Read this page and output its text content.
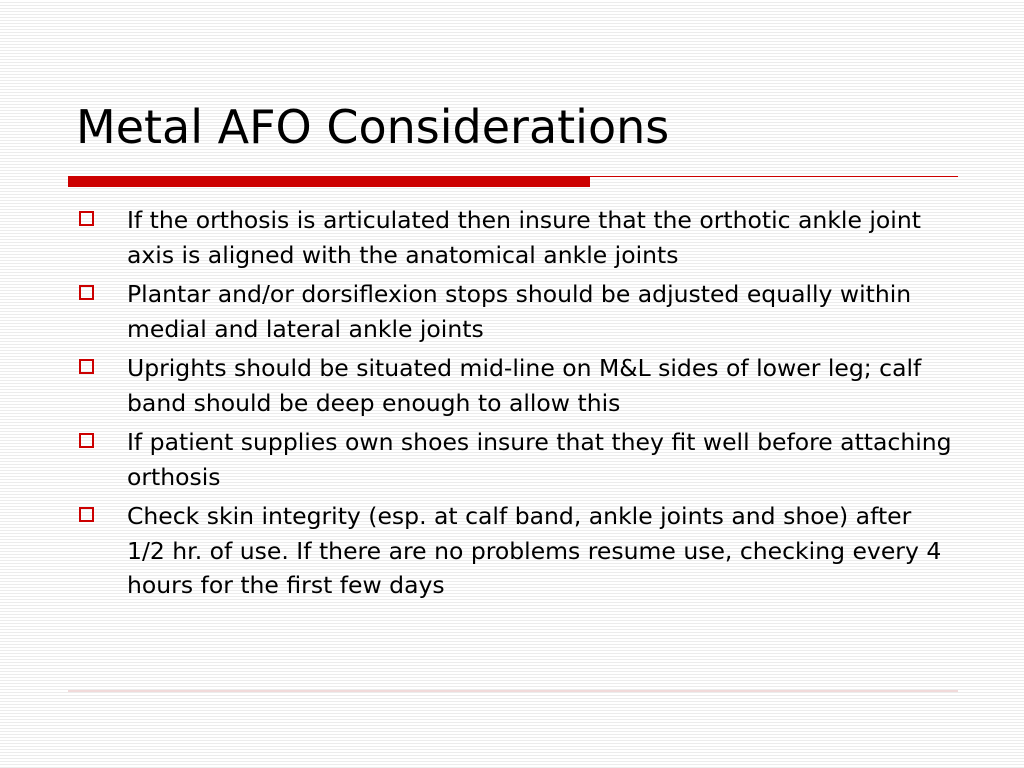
Metal AFO Considerations
If the orthosis is articulated then insure that the orthotic ankle joint axis is aligned with the anatomical ankle joints
Plantar and/or dorsiflexion stops should be adjusted equally within medial and lateral ankle joints
Uprights should be situated mid-line on M&L sides of lower leg; calf band should be deep enough to allow this
If patient supplies own shoes insure that they fit well before attaching orthosis
Check skin integrity (esp. at calf band, ankle joints and shoe) after 1/2 hr. of use. If there are no problems resume use, checking every 4 hours for the first few days
